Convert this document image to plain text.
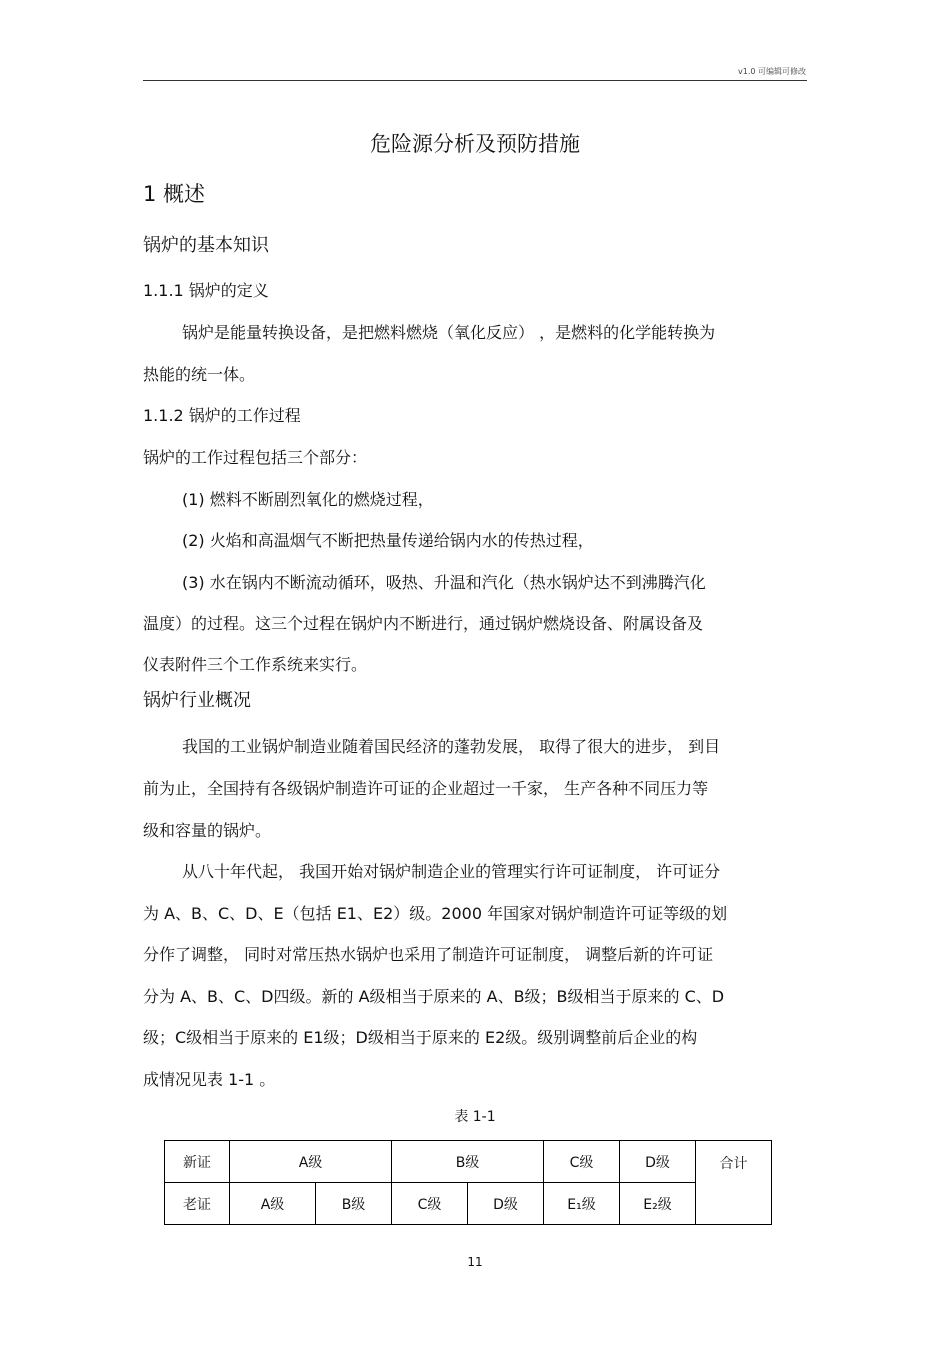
v1.0 可编辑可修改
危险源分析及预防措施
1 概述
锅炉的基本知识
1.1.1 锅炉的定义
锅炉是能量转换设备，是把燃料燃烧（氧化反应） ，是燃料的化学能转换为
热能的统一体。
1.1.2 锅炉的工作过程
锅炉的工作过程包括三个部分：
(1) 燃料不断剧烈氧化的燃烧过程，
(2) 火焰和高温烟气不断把热量传递给锅内水的传热过程，
(3) 水在锅内不断流动循环，吸热、升温和汽化（热水锅炉达不到沸腾汽化
温度）的过程。这三个过程在锅炉内不断进行，通过锅炉燃烧设备、附属设备及
仪表附件三个工作系统来实行。
锅炉行业概况
我国的工业锅炉制造业随着国民经济的蓬勃发展， 取得了很大的进步， 到目
前为止，全国持有各级锅炉制造许可证的企业超过一千家， 生产各种不同压力等
级和容量的锅炉。
从八十年代起， 我国开始对锅炉制造企业的管理实行许可证制度， 许可证分
为 A、B、C、D、E（包括 E1、E2）级。2000 年国家对锅炉制造许可证等级的划
分作了调整， 同时对常压热水锅炉也采用了制造许可证制度， 调整后新的许可证
分为 A、B、C、D四级。新的 A级相当于原来的 A、B级；B级相当于原来的 C、D
级；C级相当于原来的 E1级；D级相当于原来的 E2级。级别调整前后企业的构
成情况见表 1-1 。
表 1-1
新证	A级		B级		C级	D级	合计
老证	A级	B级	C级	D级	E₁级	E₂级	
11
